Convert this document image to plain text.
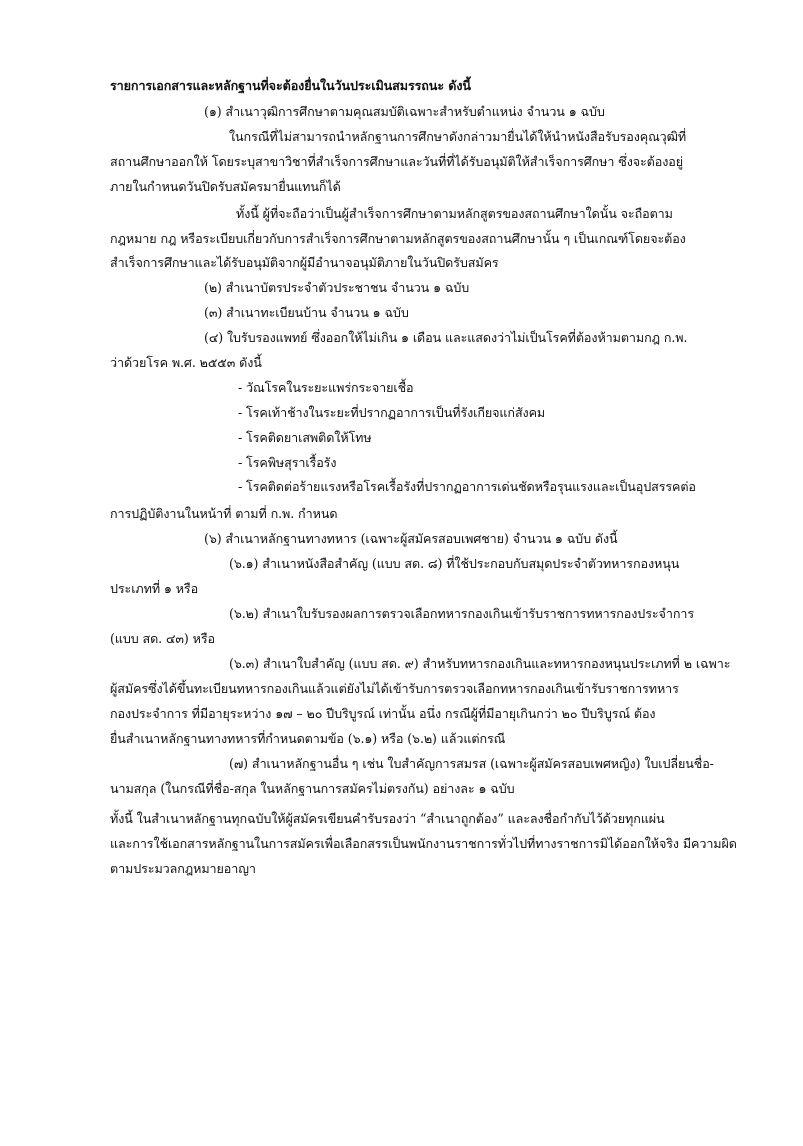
รายการเอกสารและหลักฐานที่จะต้องยื่นในวันประเมินสมรรถนะ ดังนี้
(๑) สำเนาวุฒิการศึกษาตามคุณสมบัติเฉพาะสำหรับตำแหน่ง จำนวน ๑ ฉบับ
ในกรณีที่ไม่สามารถนำหลักฐานการศึกษาดังกล่าวมายื่นได้ให้นำหนังสือรับรองคุณวุฒิที่
สถานศึกษาออกให้ โดยระบุสาขาวิชาที่สำเร็จการศึกษาและวันที่ที่ได้รับอนุมัติให้สำเร็จการศึกษา ซึ่งจะต้องอยู่
ภายในกำหนดวันปิดรับสมัครมายื่นแทนก็ได้
ทั้งนี้ ผู้ที่จะถือว่าเป็นผู้สำเร็จการศึกษาตามหลักสูตรของสถานศึกษาใดนั้น จะถือตาม
กฎหมาย กฎ หรือระเบียบเกี่ยวกับการสำเร็จการศึกษาตามหลักสูตรของสถานศึกษานั้น ๆ เป็นเกณฑ์โดยจะต้อง
สำเร็จการศึกษาและได้รับอนุมัติจากผู้มีอำนาจอนุมัติภายในวันปิดรับสมัคร
(๒) สำเนาบัตรประจำตัวประชาชน จำนวน ๑ ฉบับ
(๓) สำเนาทะเบียนบ้าน จำนวน ๑ ฉบับ
(๔) ใบรับรองแพทย์ ซึ่งออกให้ไม่เกิน ๑ เดือน และแสดงว่าไม่เป็นโรคที่ต้องห้ามตามกฎ ก.พ.
ว่าด้วยโรค พ.ศ. ๒๕๕๓ ดังนี้
- วัณโรคในระยะแพร่กระจายเชื้อ
- โรคเท้าช้างในระยะที่ปรากฏอาการเป็นที่รังเกียจแก่สังคม
- โรคติดยาเสพติดให้โทษ
- โรคพิษสุราเรื้อรัง
- โรคติดต่อร้ายแรงหรือโรคเรื้อรังที่ปรากฏอาการเด่นชัดหรือรุนแรงและเป็นอุปสรรคต่อ
การปฏิบัติงานในหน้าที่ ตามที่ ก.พ. กำหนด
(๖) สำเนาหลักฐานทางทหาร (เฉพาะผู้สมัครสอบเพศชาย) จำนวน ๑ ฉบับ ดังนี้
(๖.๑) สำเนาหนังสือสำคัญ (แบบ สด. ๘) ที่ใช้ประกอบกับสมุดประจำตัวทหารกองหนุน
ประเภทที่ ๑ หรือ
(๖.๒) สำเนาใบรับรองผลการตรวจเลือกทหารกองเกินเข้ารับราชการทหารกองประจำการ
(แบบ สด. ๔๓) หรือ
(๖.๓) สำเนาใบสำคัญ (แบบ สด. ๙) สำหรับทหารกองเกินและทหารกองหนุนประเภทที่ ๒ เฉพาะ
ผู้สมัครซึ่งได้ขึ้นทะเบียนทหารกองเกินแล้วแต่ยังไม่ได้เข้ารับการตรวจเลือกทหารกองเกินเข้ารับราชการทหาร
กองประจำการ ที่มีอายุระหว่าง ๑๗ – ๒๐ ปีบริบูรณ์ เท่านั้น อนึ่ง กรณีผู้ที่มีอายุเกินกว่า ๒๐ ปีบริบูรณ์ ต้อง
ยื่นสำเนาหลักฐานทางทหารที่กำหนดตามข้อ (๖.๑) หรือ (๖.๒) แล้วแต่กรณี
(๗) สำเนาหลักฐานอื่น ๆ เช่น ใบสำคัญการสมรส (เฉพาะผู้สมัครสอบเพศหญิง) ใบเปลี่ยนชื่อ-
นามสกุล (ในกรณีที่ชื่อ-สกุล ในหลักฐานการสมัครไม่ตรงกัน) อย่างละ ๑ ฉบับ
ทั้งนี้ ในสำเนาหลักฐานทุกฉบับให้ผู้สมัครเขียนคำรับรองว่า “สำเนาถูกต้อง” และลงชื่อกำกับไว้ด้วยทุกแผ่น
และการใช้เอกสารหลักฐานในการสมัครเพื่อเลือกสรรเป็นพนักงานราชการทั่วไปที่ทางราชการมิได้ออกให้จริง มีความผิด
ตามประมวลกฎหมายอาญา
